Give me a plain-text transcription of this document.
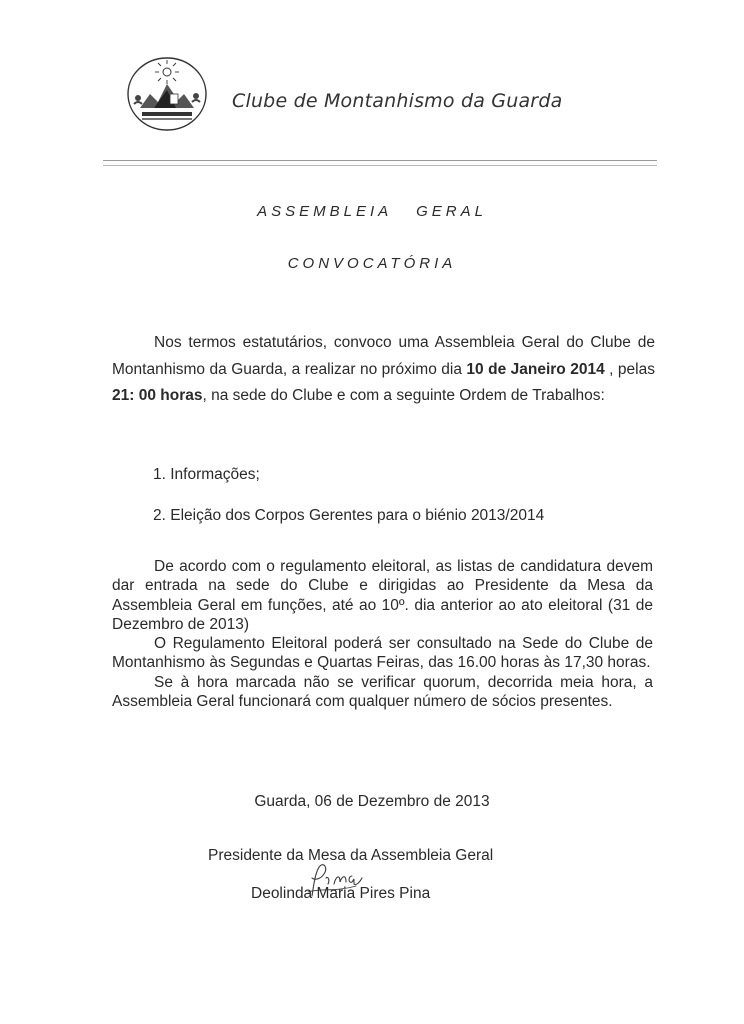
Clube de Montanhismo da Guarda
ASSEMBLEIA   GERAL
CONVOCATÓRIA

Nos termos estatutários, convoco uma Assembleia Geral do Clube de Montanhismo da Guarda, a realizar no próximo dia 10 de Janeiro 2014 , pelas 21: 00 horas, na sede do Clube e com a seguinte Ordem de Trabalhos:

1. Informações;
2. Eleição dos Corpos Gerentes para o biénio 2013/2014

De acordo com o regulamento eleitoral, as listas de candidatura devem dar entrada na sede do Clube e dirigidas ao Presidente da Mesa da Assembleia Geral em funções, até ao 10º. dia anterior ao ato eleitoral (31 de Dezembro de 2013)

O Regulamento Eleitoral poderá ser consultado na Sede do Clube de Montanhismo às Segundas e Quartas Feiras, das 16.00 horas às 17,30 horas.

Se à hora marcada não se verificar quorum, decorrida meia hora, a Assembleia Geral funcionará com qualquer número de sócios presentes.

Guarda, 06 de Dezembro de 2013
Presidente da Mesa da Assembleia Geral
Deolinda Maria Pires Pina
